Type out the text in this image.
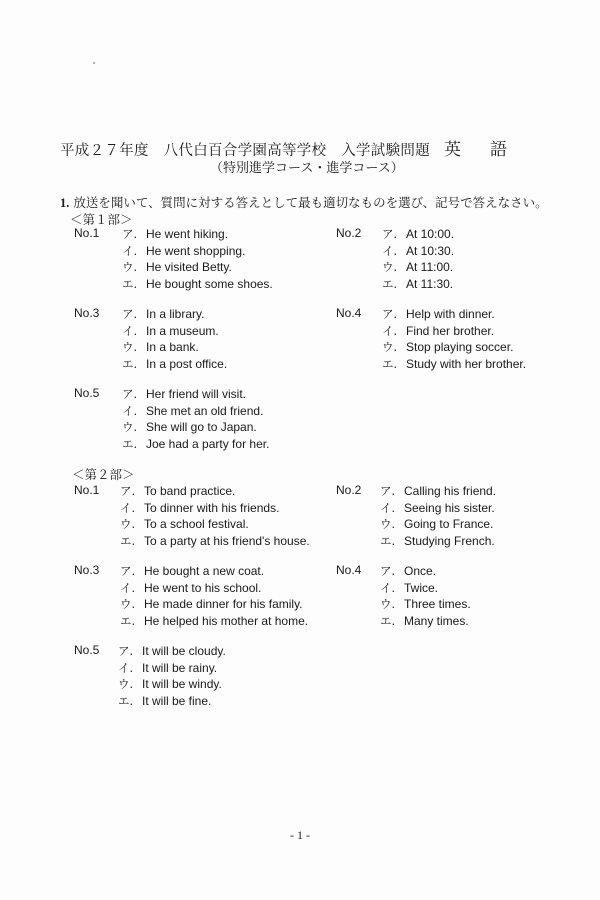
平成２７年度　八代白百合学園高等学校　入学試験問題 英　語
（特別進学コース・進学コース）
1. 放送を聞いて、質問に対する答えとして最も適切なものを選び、記号で答えなさい。
＜第１部＞
No.1 ア. He went hiking.
イ. He went shopping.
ウ. He visited Betty.
エ. He bought some shoes.
No.2 ア. At 10:00.
イ. At 10:30.
ウ. At 11:00.
エ. At 11:30.
No.3 ア. In a library.
イ. In a museum.
ウ. In a bank.
エ. In a post office.
No.4 ア. Help with dinner.
イ. Find her brother.
ウ. Stop playing soccer.
エ. Study with her brother.
No.5 ア. Her friend will visit.
イ. She met an old friend.
ウ. She will go to Japan.
エ. Joe had a party for her.
＜第２部＞
No.1 ア. To band practice.
イ. To dinner with his friends.
ウ. To a school festival.
エ. To a party at his friend's house.
No.2 ア. Calling his friend.
イ. Seeing his sister.
ウ. Going to France.
エ. Studying French.
No.3 ア. He bought a new coat.
イ. He went to his school.
ウ. He made dinner for his family.
エ. He helped his mother at home.
No.4 ア. Once.
イ. Twice.
ウ. Three times.
エ. Many times.
No.5 ア. It will be cloudy.
イ. It will be rainy.
ウ. It will be windy.
エ. It will be fine.
- 1 -
